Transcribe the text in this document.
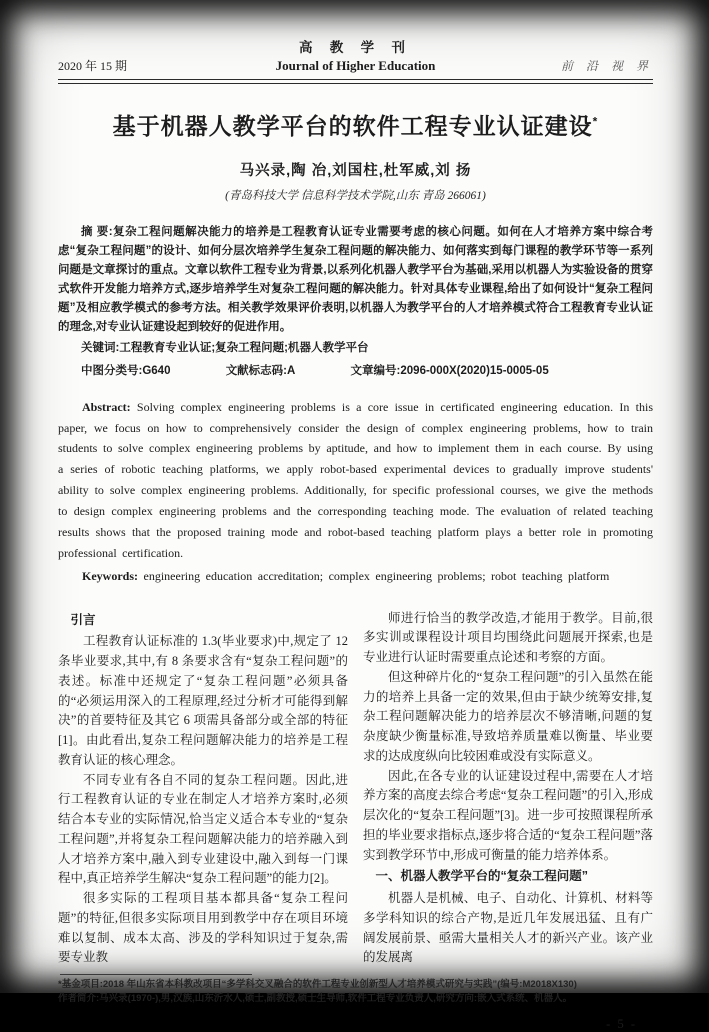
2020 年 15 期
高 教 学 刊
Journal of Higher Education	前 沿 视 界
基于机器人教学平台的软件工程专业认证建设*
马兴录,陶 冶,刘国柱,杜军威,刘 扬
(青岛科技大学 信息科学技术学院,山东 青岛 266061)

摘 要:复杂工程问题解决能力的培养是工程教育认证专业需要考虑的核心问题。如何在人才培养方案中综合考虑“复杂工程问题”的设计、如何分层次培养学生复杂工程问题的解决能力、如何落实到每门课程的教学环节等一系列问题是文章探讨的重点。文章以软件工程专业为背景,以系列化机器人教学平台为基础,采用以机器人为实验设备的贯穿式软件开发能力培养方式,逐步培养学生对复杂工程问题的解决能力。针对具体专业课程,给出了如何设计“复杂工程问题”及相应教学模式的参考方法。相关教学效果评价表明,以机器人为教学平台的人才培养模式符合工程教育专业认证的理念,对专业认证建设起到较好的促进作用。

关键词:工程教育专业认证;复杂工程问题;机器人教学平台
中图分类号:G640	文献标志码:A	文章编号:2096-000X(2020)15-0005-05

Abstract: Solving complex engineering problems is a core issue in certificated engineering education. In this paper, we focus on how to comprehensively consider the design of complex engineering problems, how to train students to solve complex engineering problems by aptitude, and how to implement them in each course. By using a series of robotic teaching platforms, we apply robot-based experimental devices to gradually improve students' ability to solve complex engineering problems. Additionally, for specific professional courses, we give the methods to design complex engineering problems and the corresponding teaching mode. The evaluation of related teaching results shows that the proposed training mode and robot-based teaching platform plays a better role in promoting professional certification.

Keywords: engineering education accreditation; complex engineering problems; robot teaching platform

引言

工程教育认证标准的 1.3(毕业要求)中,规定了 12 条毕业要求,其中,有 8 条要求含有“复杂工程问题”的表述。标准中还规定了“复杂工程问题”必须具备的“必须运用深入的工程原理,经过分析才可能得到解决”的首要特征及其它 6 项需具备部分或全部的特征[1]。由此看出,复杂工程问题解决能力的培养是工程教育认证的核心理念。

不同专业有各自不同的复杂工程问题。因此,进行工程教育认证的专业在制定人才培养方案时,必须结合本专业的实际情况,恰当定义适合本专业的“复杂工程问题”,并将复杂工程问题解决能力的培养融入到人才培养方案中,融入到专业建设中,融入到每一门课程中,真正培养学生解决“复杂工程问题”的能力[2]。

很多实际的工程项目基本都具备“复杂工程问题”的特征,但很多实际项目用到教学中存在项目环境难以复制、成本太高、涉及的学科知识过于复杂,需要专业教

师进行恰当的教学改造,才能用于教学。目前,很多实训或课程设计项目均围绕此问题展开探索,也是专业进行认证时需要重点论述和考察的方面。

但这种碎片化的“复杂工程问题”的引入虽然在能力的培养上具备一定的效果,但由于缺少统筹安排,复杂工程问题解决能力的培养层次不够清晰,问题的复杂度缺少衡量标准,导致培养质量难以衡量、毕业要求的达成度纵向比较困难或没有实际意义。

因此,在各专业的认证建设过程中,需要在人才培养方案的高度去综合考虑“复杂工程问题”的引入,形成层次化的“复杂工程问题”[3]。进一步可按照课程所承担的毕业要求指标点,逐步将合适的“复杂工程问题”落实到教学环节中,形成可衡量的能力培养体系。

一、机器人教学平台的“复杂工程问题”

机器人是机械、电子、自动化、计算机、材料等多学科知识的综合产物,是近几年发展迅猛、且有广阔发展前景、亟需大量相关人才的新兴产业。该产业的发展离

*基金项目:2018 年山东省本科教改项目“多学科交叉融合的软件工程专业创新型人才培养模式研究与实践”(编号:M2018X130)
作者简介:马兴录(1970-),男,汉族,山东沂水人,硕士,副教授,硕士生导师,软件工程专业负责人,研究方向:嵌入式系统、机器人。
- 5 -
